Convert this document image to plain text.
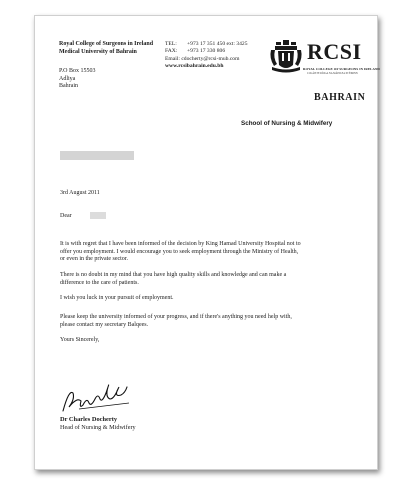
Royal College of Surgeons in Ireland
Medical University of Bahrain
P.O Box 15503
Adliya
Bahrain
TEL: +973 17 351 450 ext: 3425
FAX: +973 17 330 806
Email: cdocherty@rcsi-mub.com
www.rcsibahrain.edu.bh
RCSI
ROYAL COLLEGE OF SURGEONS IN IRELAND
COLÁISTE RÍOGA NA MÁINLEA IN ÉIRINN
BAHRAIN
School of Nursing & Midwifery
3rd August 2011
Dear
It is with regret that I have been informed of the decision by King Hamad University Hospital not to
offer you employment. I would encourage you to seek employment through the Ministry of Health,
or even in the private sector.
There is no doubt in my mind that you have high quality skills and knowledge and can make a
difference to the care of patients.
I wish you luck in your pursuit of employment.
Please keep the university informed of your progress, and if there's anything you need help with,
please contact my secretary Balqees.
Yours Sincerely,
Dr Charles Docherty
Head of Nursing & Midwifery
